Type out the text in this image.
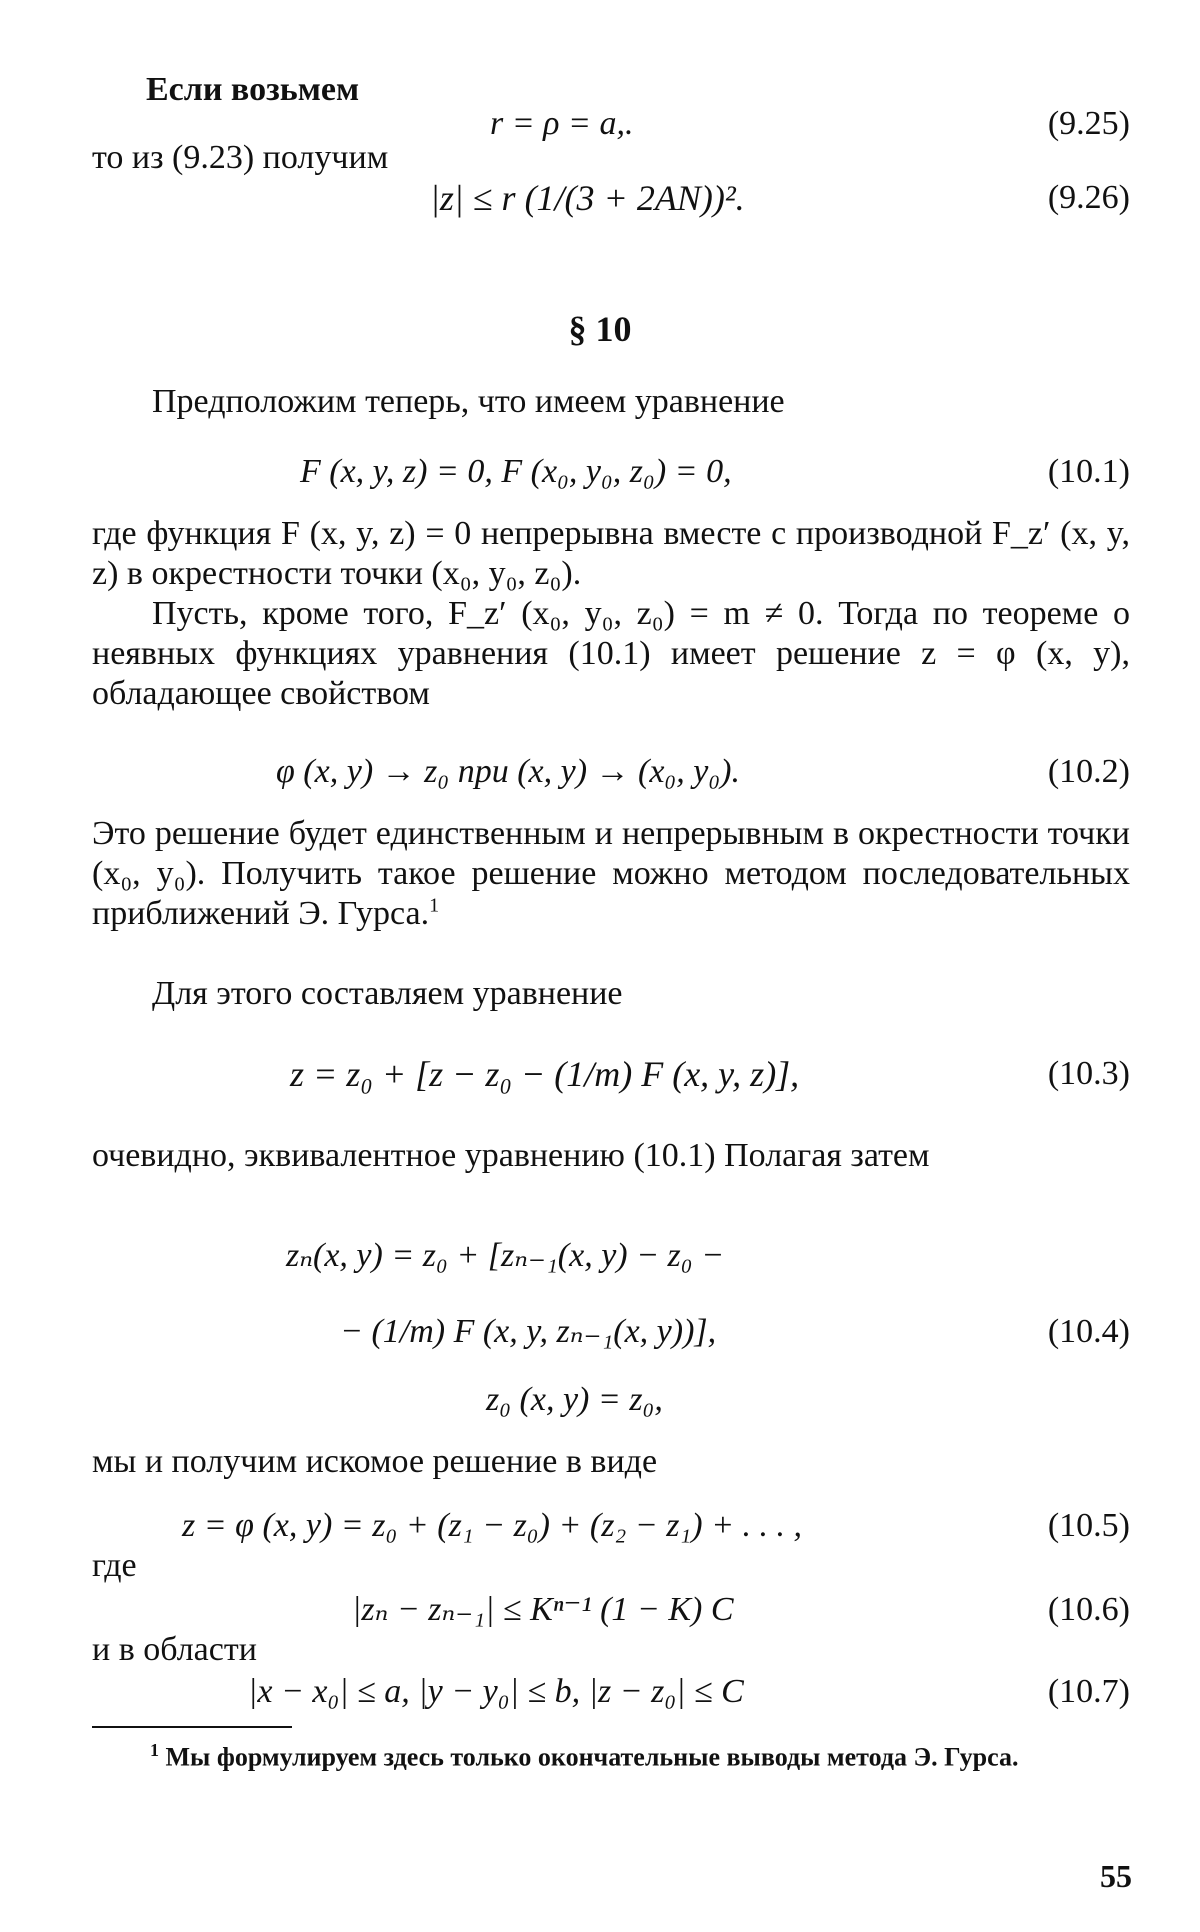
Если возьмем
r = ρ = a,.	(9.25)
то из (9.23) получим
|z| ≤ r (1/(3 + 2AN))².	(9.26)
§ 10
Предположим теперь, что имеем уравнение
F (x, y, z) = 0, F (x₀, y₀, z₀) = 0,	(10.1)
где функция F (x, y, z) = 0 непрерывна вместе с производной F_z′ (x, y, z) в окрестности точки (x₀, y₀, z₀).
Пусть, кроме того, F_z′ (x₀, y₀, z₀) = m ≠ 0. Тогда по теореме о неявных функциях уравнения (10.1) имеет решение z = φ (x, y), обладающее свойством
φ (x, y) → z₀ при (x, y) → (x₀, y₀).	(10.2)
Это решение будет единственным и непрерывным в окрестности точки (x₀, y₀). Получить такое решение можно методом последовательных приближений Э. Гурса.$^1$
Для этого составляем уравнение
z = z₀ + [z − z₀ − (1/m) F (x, y, z)],	(10.3)
очевидно, эквивалентное уравнению (10.1) Полагая затем
zₙ(x, y) = z₀ + [zₙ₋₁(x, y) − z₀ −
− (1/m) F (x, y, zₙ₋₁(x, y))],	(10.4)
z₀ (x, y) = z₀,
мы и получим искомое решение в виде
z = φ (x, y) = z₀ + (z₁ − z₀) + (z₂ − z₁) + . . . ,	(10.5)
где
|zₙ − zₙ₋₁| ≤ Kⁿ⁻¹ (1 − K) C	(10.6)
и в области
|x − x₀| ≤ a, |y − y₀| ≤ b, |z − z₀| ≤ C	(10.7)
$^1$ Мы формулируем здесь только окончательные выводы метода Э. Гурса.
55
